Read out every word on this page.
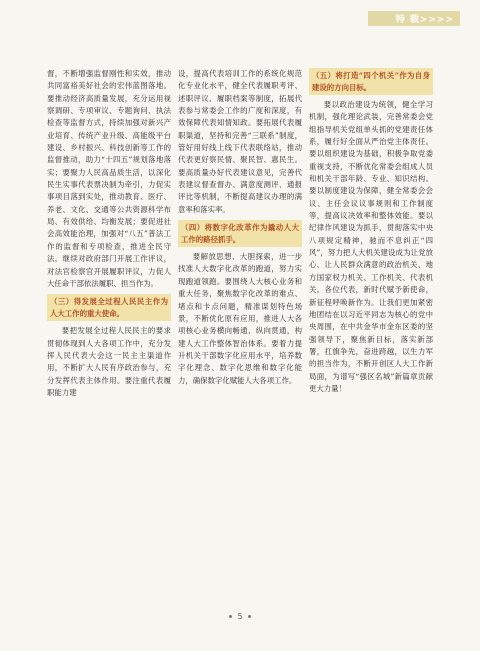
特 载>>>>

督，不断增强监督刚性和实效，推动共同富裕美好社会的宏伟蓝图落地。要推动经济高质量发展，充分运用视察调研、专项审议、专题询问、执法检查等监督方式，持续加强对新兴产业培育、传统产业升级、高能级平台建设、乡村振兴、科技创新等工作的监督推动，助力“十四五”规划落地落实；要聚力人民高品质生活，以深化民生实事代表票决制为牵引，力促实事项目落到实处，推动教育、医疗、养老、文化、交通等公共资源科学布局、有效供给、均衡发展；要促进社会高效能治理，加强对“八五”普法工作的监督和专项检查，推进全民守法。继续对政府部门开展工作评议，对法官检察官开展履职评议，力促人大任命干部依法履职、担当作为。

（三）得发展全过程人民民主作为人大工作的重大使命。

要把发展全过程人民民主的要求贯彻体现到人大各项工作中，充分发挥人民代表大会这一民主主渠道作用，不断扩大人民有序政治参与，充分发挥代表主体作用。要注重代表履职能力建

设，提高代表培训工作的系统化规范化专业化水平，健全代表履职考评、述职评议、履职档案等制度，拓展代表参与常委会工作的广度和深度，有效保障代表知情知政。要拓展代表履职渠道，坚持和完善“三联系”制度，管好用好线上线下代表联络站，推动代表更好察民情、聚民智、惠民生。要高质量办好代表建议意见，完善代表建议督查督办、满意度测评、通报评比等机制，不断提高建议办理的满意率和落实率。

（四）将数字化改革作为撬动人大工作的路径抓手。

要解放思想、大胆探索，进一步找准人大数字化改革的跑道，努力实现跑道领跑。要围绕人大核心业务和重大任务，聚焦数字化改革的难点、堵点和卡点问题，精准谋划特色场景，不断优化原有应用，推进人大各项核心业务横向畅通、纵向贯通，构建人大工作整体智治体系。要着力提升机关干部数字化应用水平，培养数字化理念、数字化思维和数字化能力，确保数字化赋能人大各项工作。

（五）将打造“四个机关”作为自身建设的方向目标。

要以政治建设为统领，健全学习机制，强化理论武装，完善常委会党组指导机关党组单头抓的党建责任体系，履行好全面从严治党主体责任。要以组织建设为基础，积极争取党委重视支持，不断优化常委会组成人员和机关干部年龄、专业、知识结构。要以制度建设为保障，健全常委会会议、主任会议议事规则和工作制度等，提高议决效率和整体效能。要以纪律作风建设为抓手，贯彻落实中央八项规定精神，驰而不息纠正“四风”，努力把人大机关建设成为让党放心、让人民群众满意的政治机关、地方国家权力机关、工作机关、代表机关。各位代表，新时代赋予新使命，新征程呼唤新作为。让我们更加紧密地团结在以习近平同志为核心的党中央周围，在中共金华市金东区委的坚强领导下，聚焦新目标，落实新部署，扛旗争先，奋进跨越，以生力军的担当作为，不断开创区人大工作新局面，为谱写“强区名城”新篇章贡献更大力量！

5
